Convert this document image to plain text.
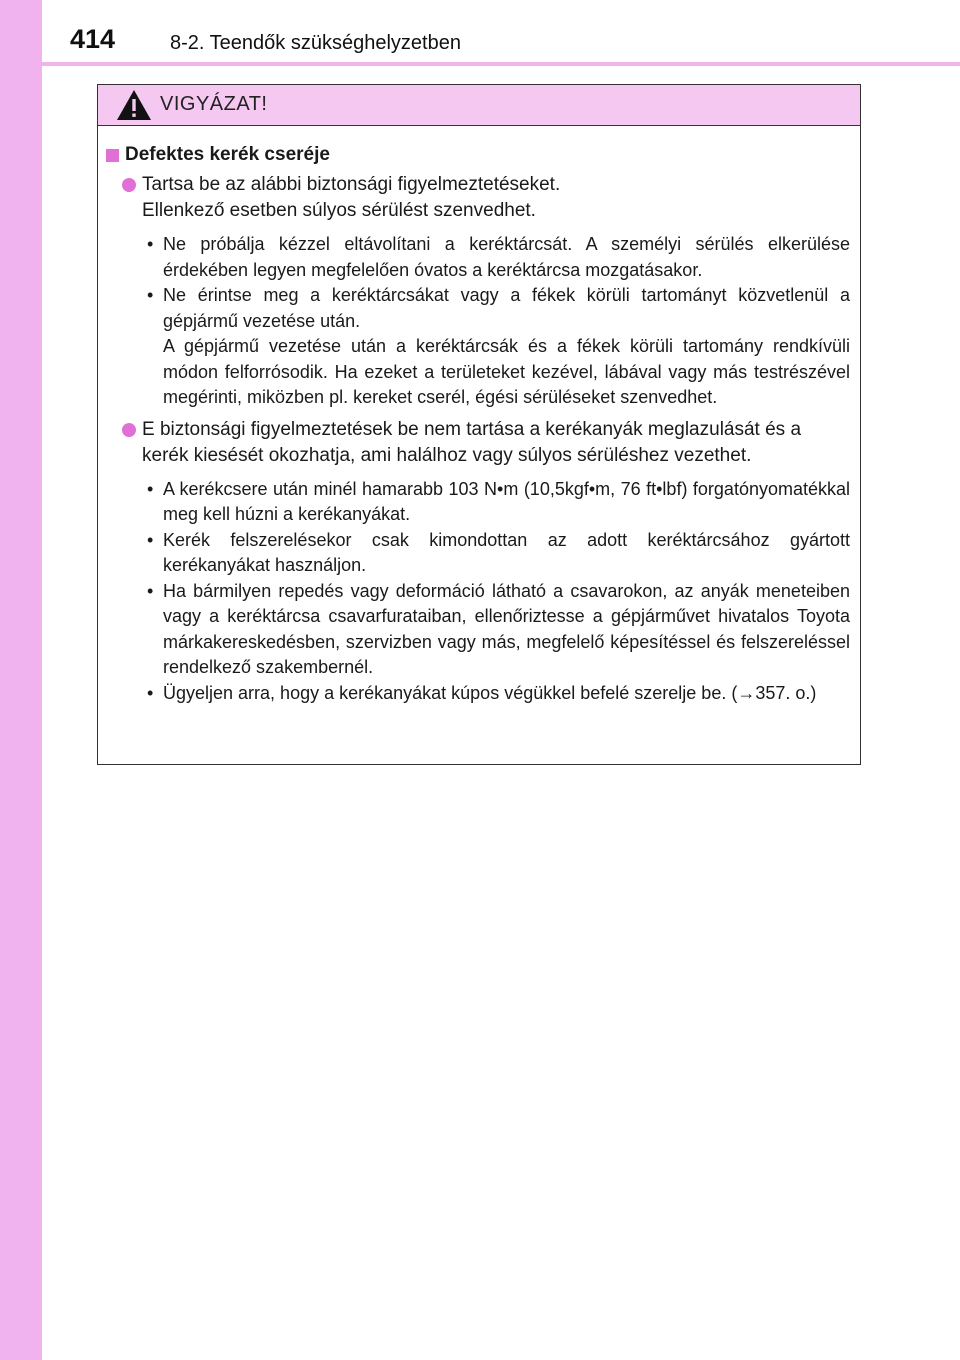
414	8-2. Teendők szükséghelyzetben
VIGYÁZAT!
Defektes kerék cseréje

Tartsa be az alábbi biztonsági figyelmeztetéseket.

Ellenkező esetben súlyos sérülést szenvedhet.

• Ne próbálja kézzel eltávolítani a keréktárcsát. A személyi sérülés elkerülése érdekében legyen megfelelően óvatos a keréktárcsa mozgatásakor.

• Ne érintse meg a keréktárcsákat vagy a fékek körüli tartományt közvetlenül a gépjármű vezetése után.

A gépjármű vezetése után a keréktárcsák és a fékek körüli tartomány rendkívüli módon felforrósodik. Ha ezeket a területeket kezével, lábával vagy más testrészével megérinti, miközben pl. kereket cserél, égési sérüléseket szenvedhet.

E biztonsági figyelmeztetések be nem tartása a kerékanyák meglazulását és a kerék kiesését okozhatja, ami halálhoz vagy súlyos sérüléshez vezethet.

• A kerékcsere után minél hamarabb 103 N•m (10,5kgf•m, 76 ft•lbf) forgatónyomatékkal meg kell húzni a kerékanyákat.

• Kerék felszerelésekor csak kimondottan az adott keréktárcsához gyártott kerékanyákat használjon.

• Ha bármilyen repedés vagy deformáció látható a csavarokon, az anyák meneteiben vagy a keréktárcsa csavarfurataiban, ellenőriztesse a gépjárművet hivatalos Toyota márkakereskedésben, szervizben vagy más, megfelelő képesítéssel és felszereléssel rendelkező szakembernél.

• Ügyeljen arra, hogy a kerékanyákat kúpos végükkel befelé szerelje be. (→357. o.)
